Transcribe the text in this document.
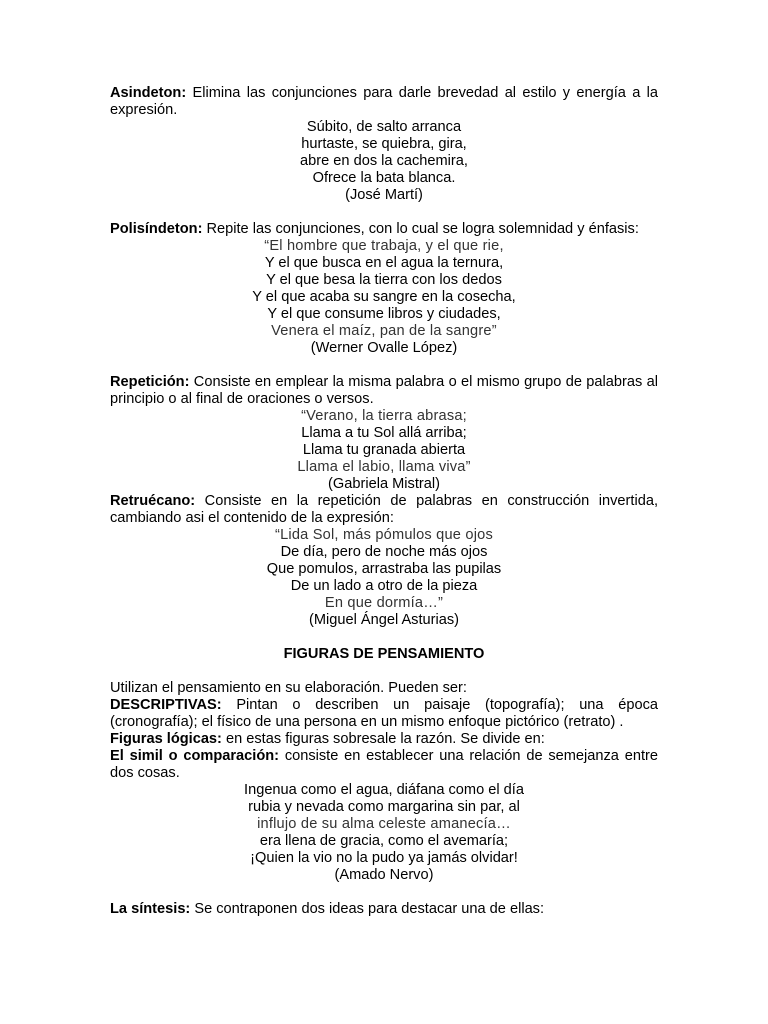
Asindeton: Elimina las conjunciones para darle brevedad al estilo y energía a la expresión.

Súbito, de salto arranca
hurtaste, se quiebra, gira,
abre en dos la cachemira,
Ofrece la bata blanca.
(José Martí)

Polisíndeton: Repite las conjunciones, con lo cual se logra solemnidad y énfasis:

“El hombre que trabaja, y el que rie,
Y el que busca en el agua la ternura,
Y el que besa la tierra con los dedos
Y el que acaba su sangre en la cosecha,
Y el que consume libros y ciudades,
Venera el maíz, pan de la sangre”
(Werner Ovalle López)

Repetición: Consiste en emplear la misma palabra o el mismo grupo de palabras al principio o al final de oraciones o versos.

“Verano, la tierra abrasa;
Llama a tu Sol allá arriba;
Llama tu granada abierta
Llama el labio, llama viva”
(Gabriela Mistral)

Retruécano: Consiste en la repetición de palabras en construcción invertida, cambiando asi el contenido de la expresión:

“Lida Sol, más pómulos que ojos
De día, pero de noche más ojos
Que pomulos, arrastraba las pupilas
De un lado a otro de la pieza
En que dormía…”
(Miguel Ángel Asturias)

FIGURAS DE PENSAMIENTO

Utilizan el pensamiento en su elaboración. Pueden ser:

DESCRIPTIVAS: Pintan o describen un paisaje (topografía); una época (cronografía); el físico de una persona en un mismo enfoque pictórico (retrato) .

Figuras lógicas: en estas figuras sobresale la razón. Se divide en:

El simil o comparación: consiste en establecer una relación de semejanza entre dos cosas.

Ingenua como el agua, diáfana como el día
rubia y nevada como margarina sin par, al
influjo de su alma celeste amanecía…
era llena de gracia, como el avemaría;
¡Quien la vio no la pudo ya jamás olvidar!
(Amado Nervo)

La síntesis: Se contraponen dos ideas para destacar una de ellas:
